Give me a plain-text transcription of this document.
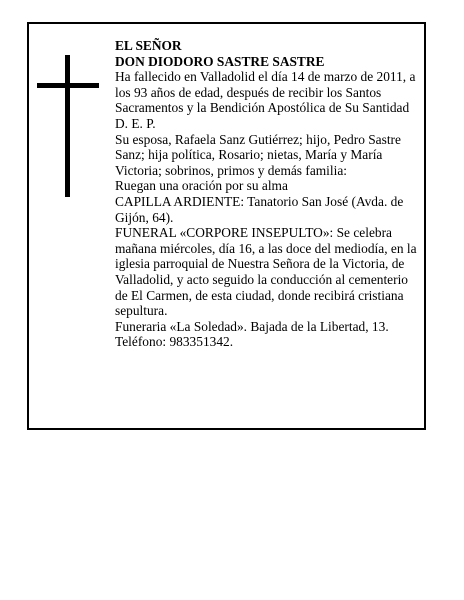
EL SEÑOR

DON DIODORO SASTRE SASTRE

Ha fallecido en Valladolid el día 14 de marzo de 2011, a los 93 años de edad, después de recibir los Santos Sacramentos y la Bendición Apostólica de Su Santidad D. E. P.

Su esposa, Rafaela Sanz Gutiérrez; hijo, Pedro Sastre Sanz; hija política, Rosario; nietas, María y María Victoria; sobrinos, primos y demás familia:

Ruegan una oración por su alma

CAPILLA ARDIENTE: Tanatorio San José (Avda. de Gijón, 64).

FUNERAL «CORPORE INSEPULTO»: Se celebra mañana miércoles, día 16, a las doce del mediodía, en la iglesia parroquial de Nuestra Señora de la Victoria, de Valladolid, y acto seguido la conducción al cementerio de El Carmen, de esta ciudad, donde recibirá cristiana sepultura.

Funeraria «La Soledad». Bajada de la Libertad, 13. Teléfono: 983351342.
